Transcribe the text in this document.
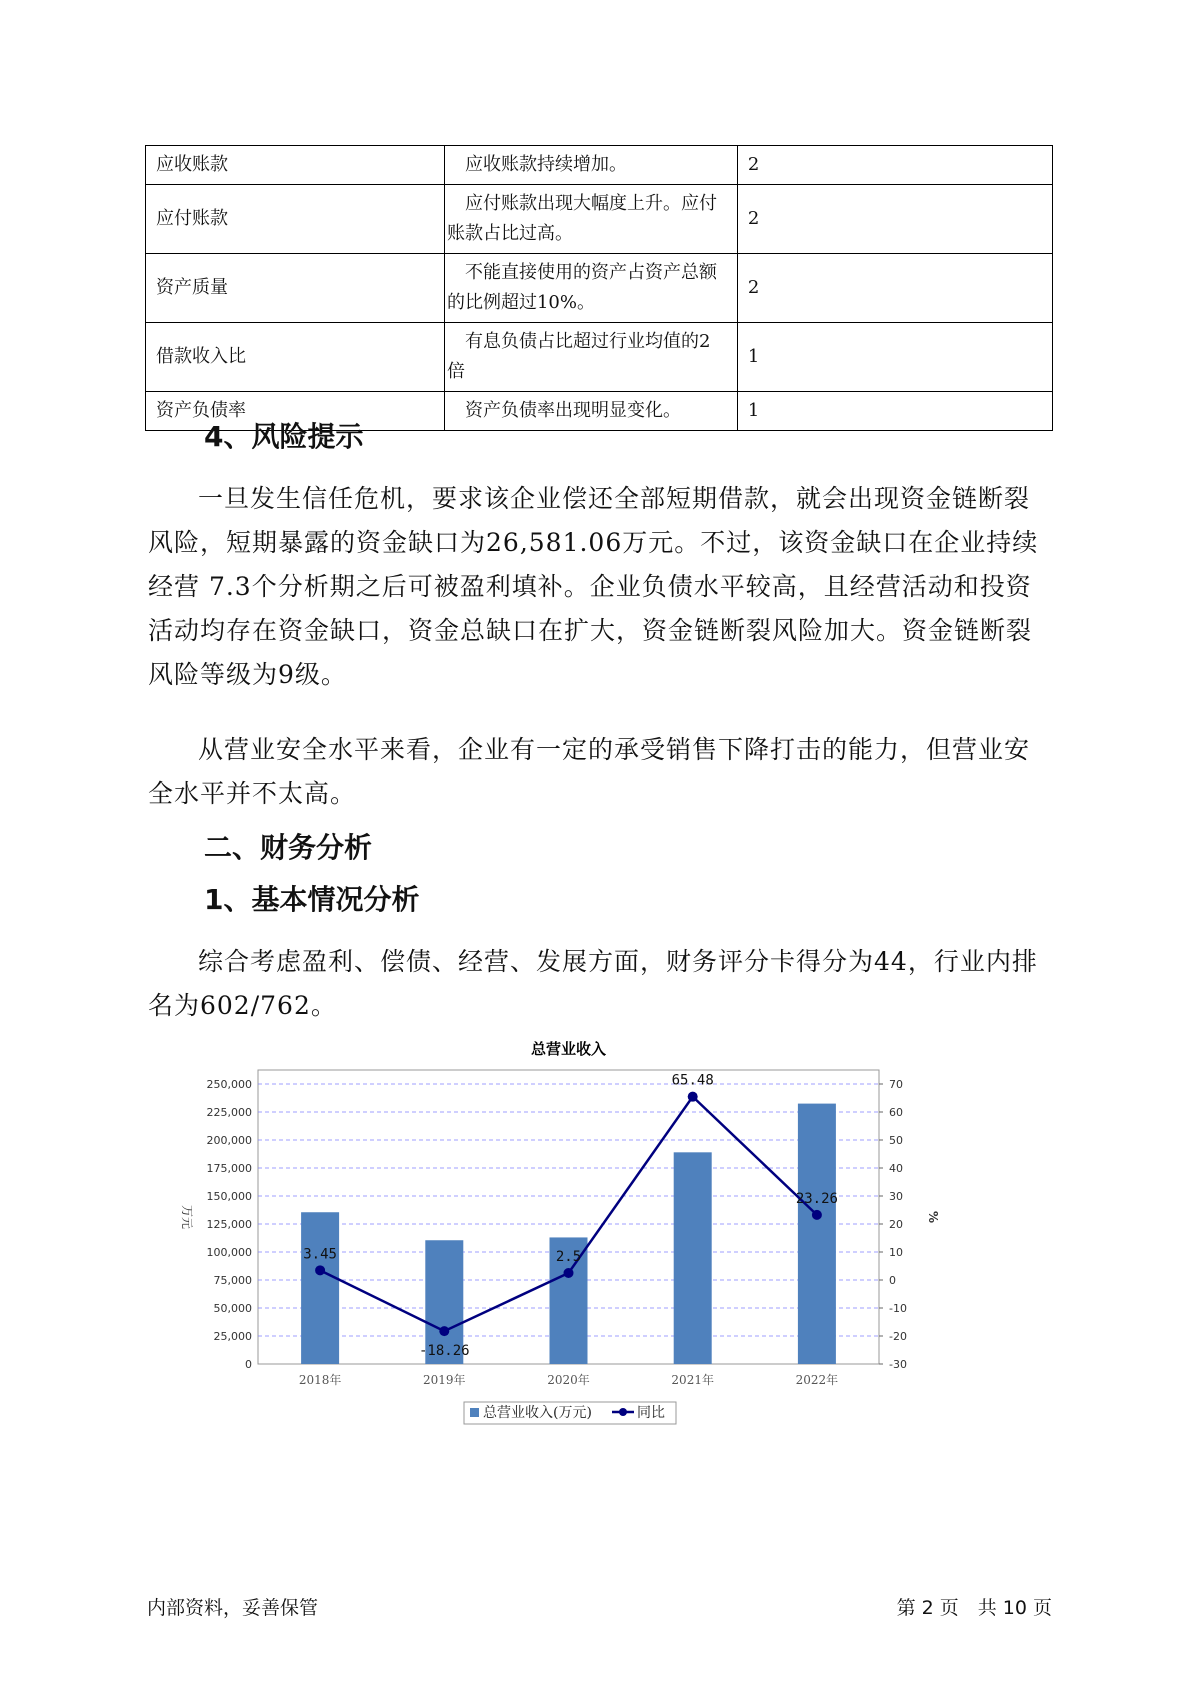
应收账款	应收账款持续增加。	2
应付账款	应付账款出现大幅度上升。应付账款占比过高。	2
资产质量	不能直接使用的资产占资产总额的比例超过10%。	2
借款收入比	有息负债占比超过行业均值的2倍	1
资产负债率	资产负债率出现明显变化。	1
4、风险提示

一旦发生信任危机，要求该企业偿还全部短期借款，就会出现资金链断裂风险，短期暴露的资金缺口为26,581.06万元。不过，该资金缺口在企业持续经营 7.3个分析期之后可被盈利填补。企业负债水平较高，且经营活动和投资活动均存在资金缺口，资金总缺口在扩大，资金链断裂风险加大。资金链断裂风险等级为9级。

从营业安全水平来看，企业有一定的承受销售下降打击的能力，但营业安全水平并不太高。

二、财务分析
1、基本情况分析

综合考虑盈利、偿债、经营、发展方面，财务评分卡得分为44，行业内排名为602/762。

总营业收入
0
25,000
50,000
75,000
100,000
125,000
150,000
175,000
200,000
225,000
250,000
-30
-20
-10
0
10
20
30
40
50
60
70
万元	%
2018年	2019年	2020年	2021年	2022年
3.45
-18.26
2.5
65.48
23.26
总营业收入(万元)	同比
内部资料，妥善保管	第 2 页　共 10 页
